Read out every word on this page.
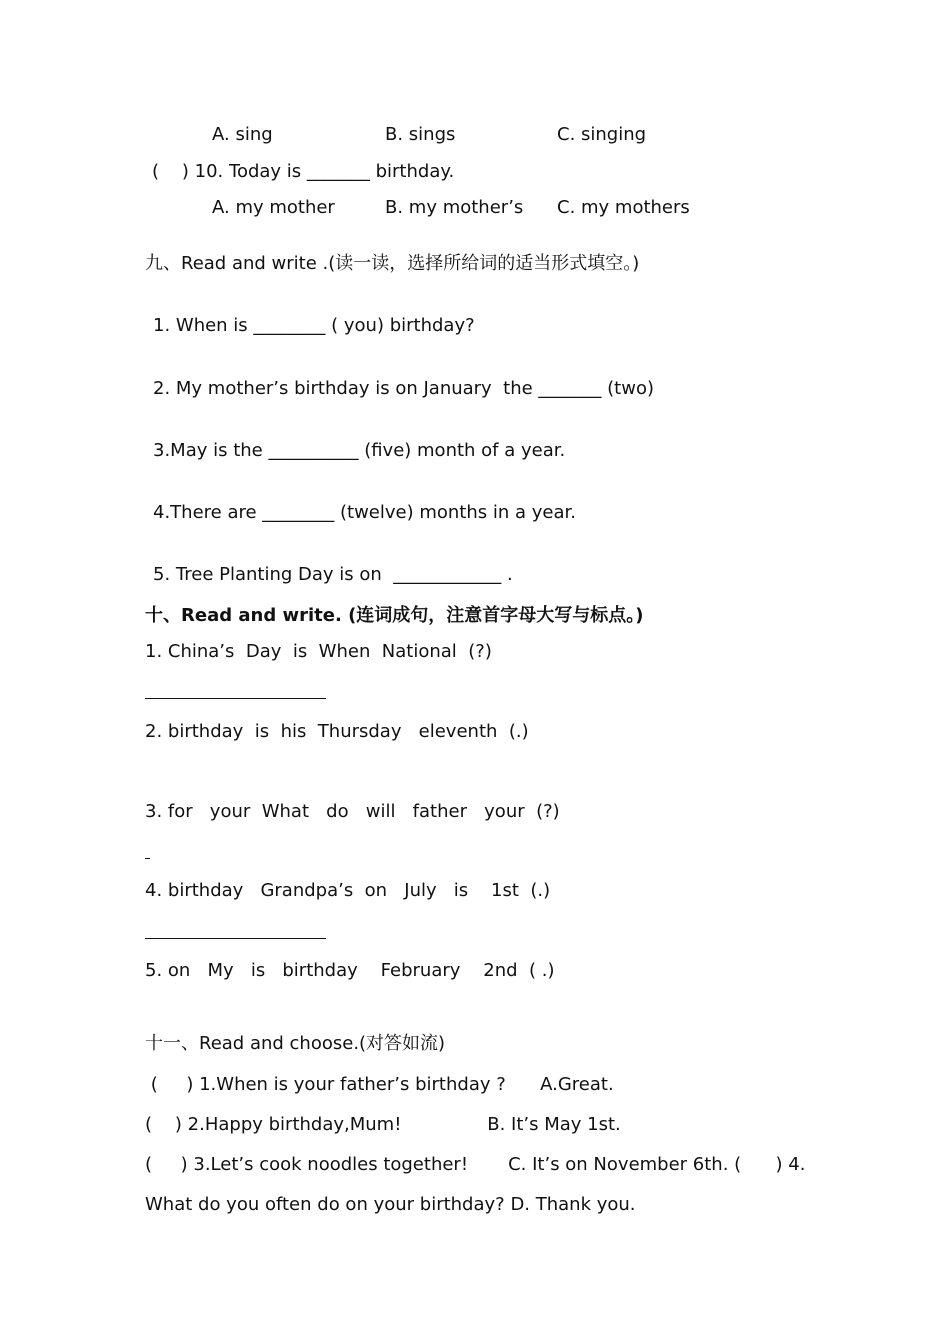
A. sing	B. sings	C. singing
(    ) 10. Today is _______ birthday.
A. my mother	B. my mother’s C. my mothers
九、Read and write .(读一读，选择所给词的适当形式填空。)
1. When is ________ ( you) birthday?
2. My mother’s birthday is on January  the _______ (two)
3.May is the __________ (five) month of a year.
4.There are ________ (twelve) months in a year.
5. Tree Planting Day is on  ____________ .
十、Read and write. (连词成句，注意首字母大写与标点。)
1. China’s  Day  is  When  National  (?)
2. birthday  is  his  Thursday   eleventh  (.)
3. for   your  What   do   will   father   your  (?)
4. birthday   Grandpa’s  on   July   is    1st  (.)
5. on   My   is   birthday    February    2nd  ( .)
十一、Read and choose.(对答如流)
(     ) 1.When is your father’s birthday ?      A.Great.
(    ) 2.Happy birthday,Mum!               B. It’s May 1st.
(     ) 3.Let’s cook noodles together!       C. It’s on November 6th. (      ) 4.
What do you often do on your birthday? D. Thank you.
